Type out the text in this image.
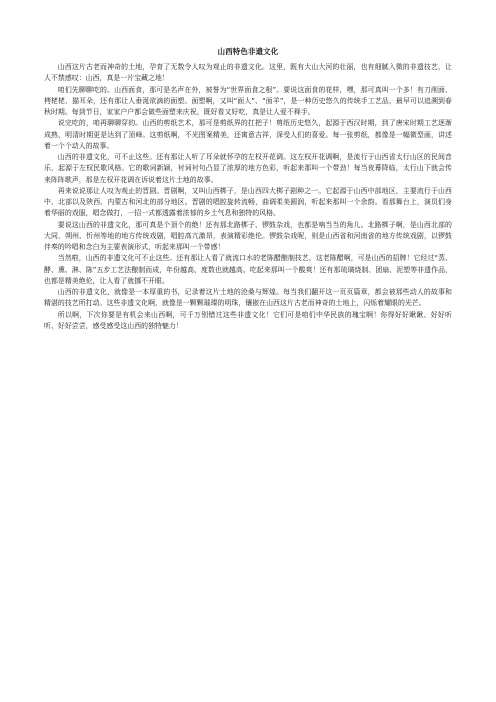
山西特色非遗文化

山西这片古老而神奇的土地，孕育了无数令人叹为观止的非遗文化。这里，既有大山大河的壮丽，也有细腻入微的非遗技艺，让人不禁感叹：山西，真是一片宝藏之地！

咱们先聊聊吃的。山西面食，那可是名声在外，被誉为“世界面食之根”。要说这面食的花样，嘿，那可真叫一个多！有刀削面、栲栳栳、猫耳朵，还有那让人垂涎欲滴的面塑。面塑啊，又叫“面人”、“面羊”，是一种历史悠久的传统手工艺品，最早可以追溯到春秋时期。每到节日，家家户户都会做些面塑来庆祝，既好看又好吃，真是让人爱不释手。

说完吃的，咱再聊聊穿的。山西的剪纸艺术，那可是剪纸界的扛把子！剪纸历史悠久，起源于西汉时期，到了唐宋时期工艺逐渐成熟，明清时期更是达到了顶峰。这剪纸啊，不光图案精美，还寓意吉祥，深受人们的喜爱。每一张剪纸，都像是一幅微型画，讲述着一个个动人的故事。

山西的非遗文化，可不止这些。还有那让人听了耳朵就怀孕的左权开花调。这左权开花调啊，是流行于山西省太行山区的民间音乐，起源于左权民歌风格。它的歌词新颖，衬词衬句凸显了浓厚的地方色彩，听起来那叫一个带劲！每当夜幕降临，太行山下就会传来阵阵歌声，那是左权开花调在诉说着这片土地的故事。

再来说说那让人叹为观止的晋剧。晋剧啊，又叫山西梆子，是山西四大梆子剧种之一。它起源于山西中部地区，主要流行于山西中、北部以及陕西、内蒙古和河北的部分地区。晋剧的唱腔旋转流畅，曲调柔美圆润，听起来那叫一个余韵。看那舞台上，演员们身着华丽的戏服，唱念做打，一招一式都透露着浓郁的乡土气息和独特的风格。

要说这山西的非遗文化，那可真是个顶个的绝！还有那北路梆子、锣鼓杂戏，也都是响当当的角儿。北路梆子啊，是山西北部的大同、朔州、忻州等地的地方传统戏剧，唱腔高亢激昂，表演精彩绝伦。锣鼓杂戏呢，则是山西省和河南省的地方传统戏剧，以锣鼓伴奏的吟唱和念白为主要表演形式，听起来那叫一个带感！

当然啦，山西的非遗文化可不止这些。还有那让人看了就流口水的老陈醋酿制技艺，这老陈醋啊，可是山西的招牌！它经过“蒸、酵、熏、淋、陈”五步工艺法酿制而成，年份越高，度数也就越高。吃起来那叫一个酸爽！还有那琉璃烧制、团扇、泥塑等非遗作品，也都是精美绝伦，让人看了就挪不开眼。

山西的非遗文化，就像是一本厚重的书，记录着这片土地的沧桑与辉煌。每当我们翻开这一页页篇章，都会被那些动人的故事和精湛的技艺所打动。这些非遗文化啊，就像是一颗颗璀璨的明珠，镶嵌在山西这片古老而神奇的土地上，闪烁着耀眼的光芒。

所以啊，下次你要是有机会来山西啊，可千万别错过这些非遗文化！它们可是咱们中华民族的瑰宝啊！你得好好瞅瞅、好好听听、好好尝尝，感受感受这山西的独特魅力！
